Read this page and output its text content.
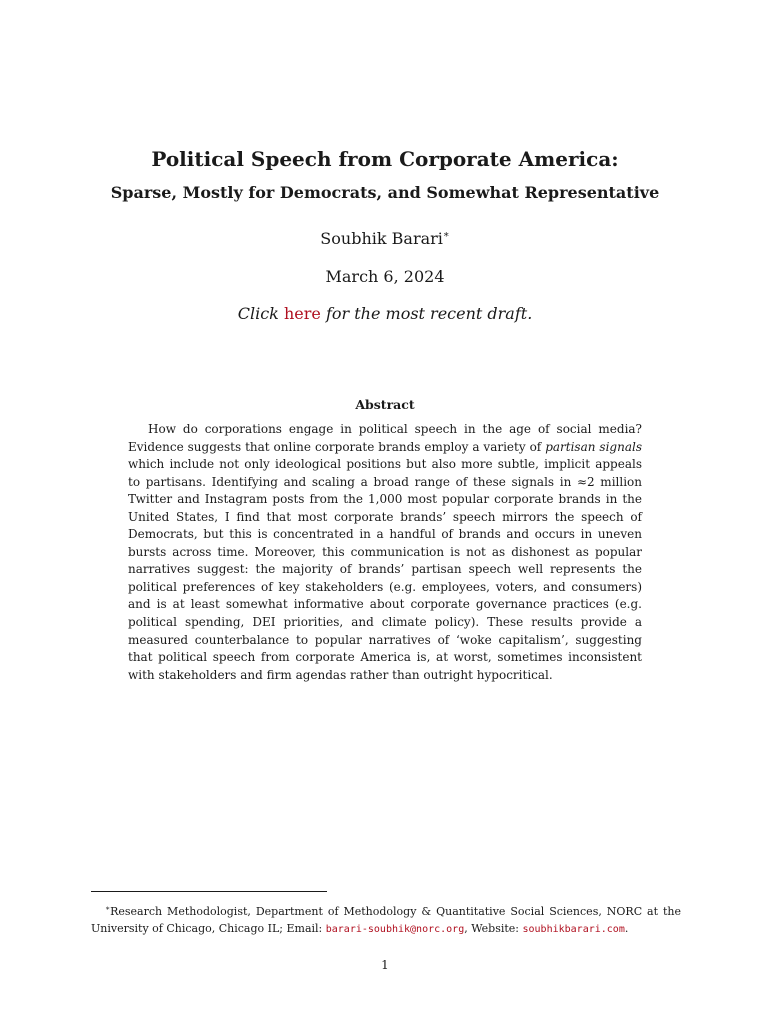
Political Speech from Corporate America:
Sparse, Mostly for Democrats, and Somewhat Representative
Soubhik Barari∗
March 6, 2024
Click here for the most recent draft.
Abstract

How do corporations engage in political speech in the age of social media? Evidence suggests that online corporate brands employ a variety of partisan signals which include not only ideological positions but also more subtle, implicit appeals to partisans. Identifying and scaling a broad range of these signals in ≈2 million Twitter and Instagram posts from the 1,000 most popular corporate brands in the United States, I find that most corporate brands’ speech mirrors the speech of Democrats, but this is concentrated in a handful of brands and occurs in uneven bursts across time. Moreover, this communication is not as dishonest as popular narratives suggest: the majority of brands’ partisan speech well represents the political preferences of key stakeholders (e.g. employees, voters, and consumers) and is at least somewhat informative about corporate governance practices (e.g. political spending, DEI priorities, and climate policy). These results provide a measured counterbalance to popular narratives of ‘woke capitalism’, suggesting that political speech from corporate America is, at worst, sometimes inconsistent with stakeholders and firm agendas rather than outright hypocritical.

∗Research Methodologist, Department of Methodology & Quantitative Social Sciences, NORC at the University of Chicago, Chicago IL; Email: barari-soubhik@norc.org, Website: soubhikbarari.com.

1
